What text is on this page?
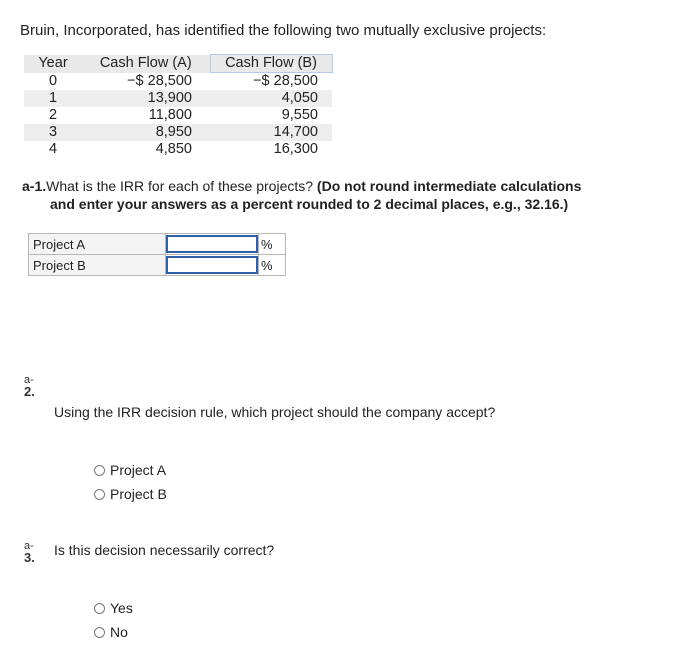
Bruin, Incorporated, has identified the following two mutually exclusive projects:
Year	Cash Flow (A)	Cash Flow (B)
0	−$ 28,500	−$ 28,500
1	13,900	4,050
2	11,800	9,550
3	8,950	14,700
4	4,850	16,300
a-1.What is the IRR for each of these projects? (Do not round intermediate calculations
and enter your answers as a percent rounded to 2 decimal places, e.g., 32.16.)
Project A		%
Project B		%
a-
2.
Using the IRR decision rule, which project should the company accept?
Project A
Project B
a-
3. Is this decision necessarily correct?
Yes
No
